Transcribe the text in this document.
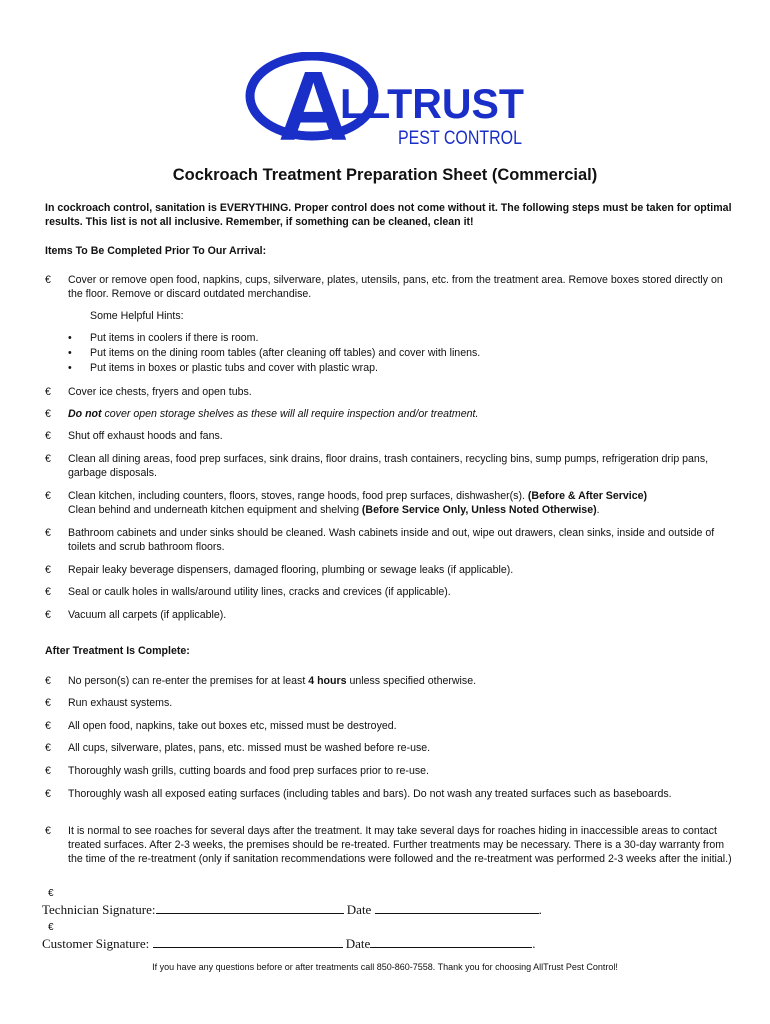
A
LLTRUST
PEST CONTROL
Cockroach Treatment Preparation Sheet (Commercial)
In cockroach control, sanitation is EVERYTHING. Proper control does not come without it. The following steps must be taken for optimal results. This list is not all inclusive. Remember, if something can be cleaned, clean it!
Items To Be Completed Prior To Our Arrival:
€	Cover or remove open food, napkins, cups, silverware, plates, utensils, pans, etc. from the treatment area. Remove boxes stored directly on the floor. Remove or discard outdated merchandise.
Some Helpful Hints:
• Put items in coolers if there is room.
• Put items on the dining room tables (after cleaning off tables) and cover with linens.
• Put items in boxes or plastic tubs and cover with plastic wrap.
€	Cover ice chests, fryers and open tubs.
€	Do not cover open storage shelves as these will all require inspection and/or treatment.
€	Shut off exhaust hoods and fans.
€	Clean all dining areas, food prep surfaces, sink drains, floor drains, trash containers, recycling bins, sump pumps, refrigeration drip pans, garbage disposals.
€	Clean kitchen, including counters, floors, stoves, range hoods, food prep surfaces, dishwasher(s). (Before & After Service)
Clean behind and underneath kitchen equipment and shelving (Before Service Only, Unless Noted Otherwise).
€	Bathroom cabinets and under sinks should be cleaned. Wash cabinets inside and out, wipe out drawers, clean sinks, inside and outside of toilets and scrub bathroom floors.
€	Repair leaky beverage dispensers, damaged flooring, plumbing or sewage leaks (if applicable).
€	Seal or caulk holes in walls/around utility lines, cracks and crevices (if applicable).
€	Vacuum all carpets (if applicable).
After Treatment Is Complete:
€	No person(s) can re-enter the premises for at least 4 hours unless specified otherwise.
€	Run exhaust systems.
€	All open food, napkins, take out boxes etc, missed must be destroyed.
€	All cups, silverware, plates, pans, etc. missed must be washed before re-use.
€	Thoroughly wash grills, cutting boards and food prep surfaces prior to re-use.
€	Thoroughly wash all exposed eating surfaces (including tables and bars). Do not wash any treated surfaces such as baseboards.
€	It is normal to see roaches for several days after the treatment. It may take several days for roaches hiding in inaccessible areas to contact treated surfaces. After 2-3 weeks, the premises should be re-treated. Further treatments may be necessary. There is a 30-day warranty from the time of the re-treatment (only if sanitation recommendations were followed and the re-treatment was performed 2-3 weeks after the initial.)
€
Technician Signature:	Date	.
€
Customer Signature:	Date	.
If you have any questions before or after treatments call 850-860-7558. Thank you for choosing AllTrust Pest Control!
